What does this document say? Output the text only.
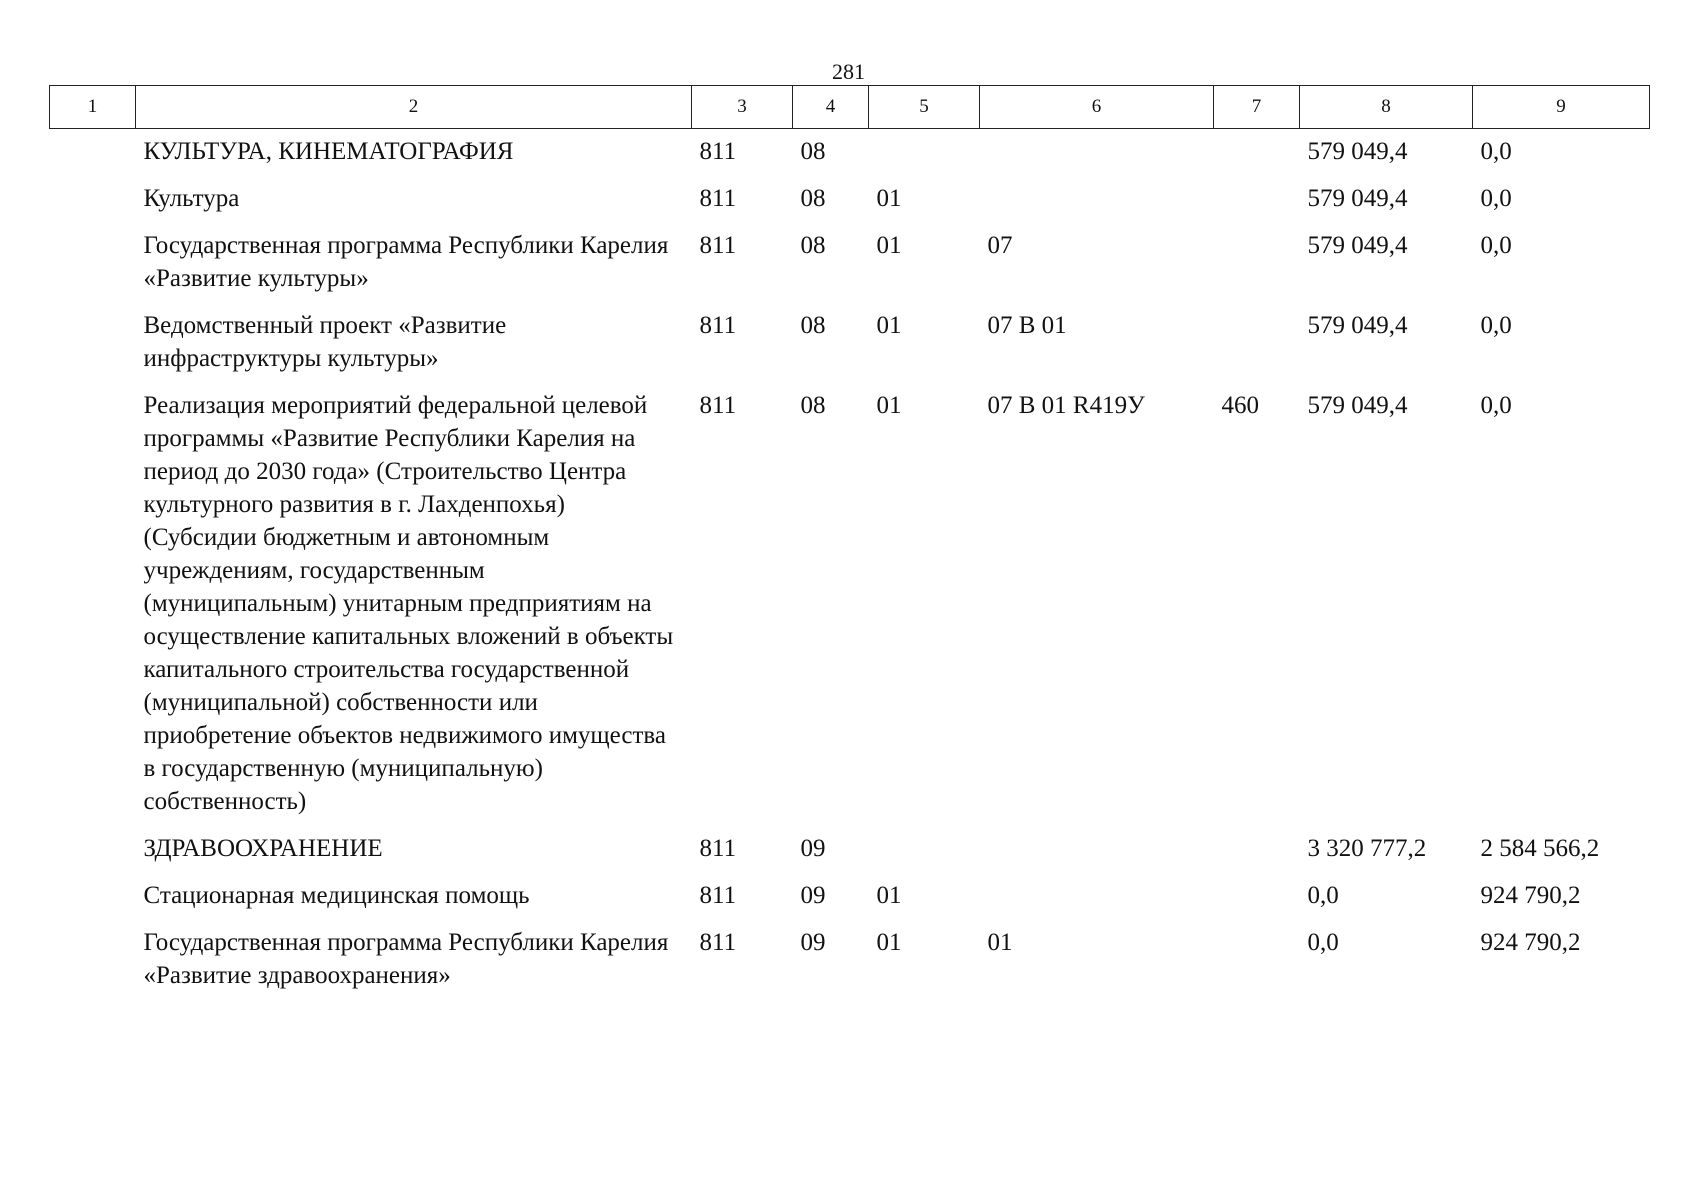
281
1	2	3	4	5	6	7	8	9
	КУЛЬТУРА, КИНЕМАТОГРАФИЯ	811	08				579 049,4	0,0
	Культура	811	08	01			579 049,4	0,0
	Государственная программа Республики Карелия «Развитие культуры»	811	08	01	07		579 049,4	0,0
	Ведомственный проект «Развитие инфраструктуры культуры»	811	08	01	07 В 01		579 049,4	0,0
	Реализация мероприятий федеральной целевой программы «Развитие Республики Карелия на период до 2030 года» (Строительство Центра культурного развития в г. Лахденпохья) (Субсидии бюджетным и автономным учреждениям, государственным (муниципальным) унитарным предприятиям на осуществление капитальных вложений в объекты капитального строительства государственной (муниципальной) собственности или приобретение объектов недвижимого имущества в государственную (муниципальную) собственность)	811	08	01	07 В 01 R419У	460	579 049,4	0,0
	ЗДРАВООХРАНЕНИЕ	811	09				3 320 777,2	2 584 566,2
	Стационарная медицинская помощь	811	09	01			0,0	924 790,2
	Государственная программа Республики Карелия «Развитие здравоохранения»	811	09	01	01		0,0	924 790,2
